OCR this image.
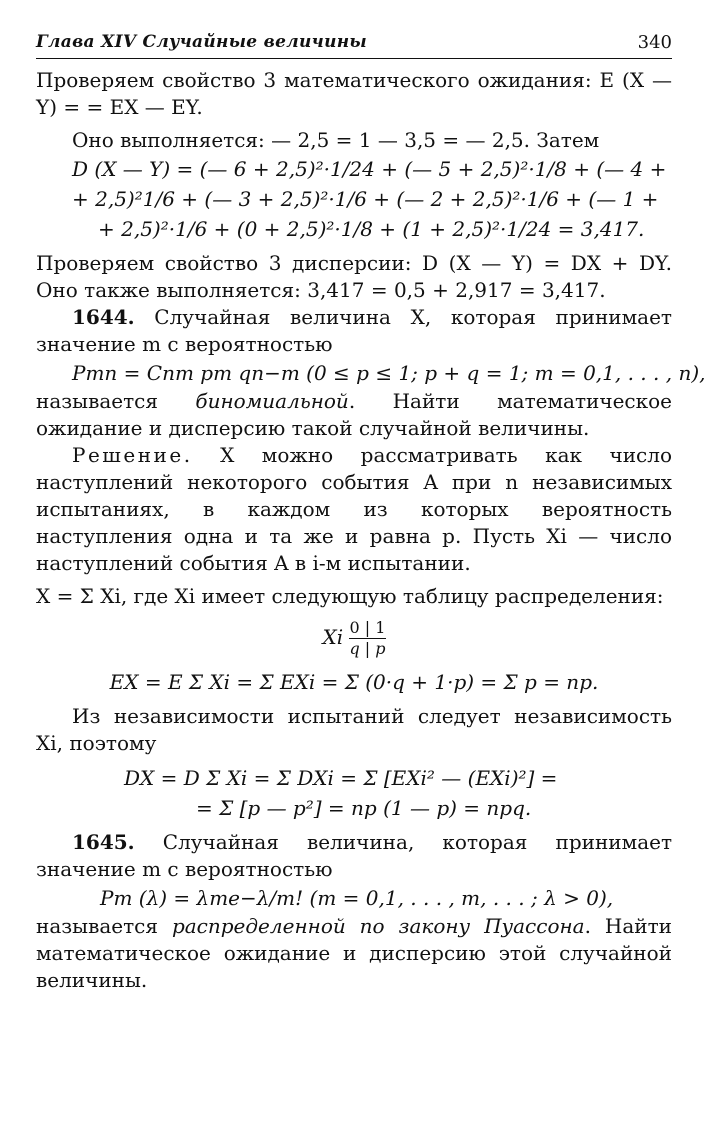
Глава XIV Случайные величины	340

Проверяем свойство 3 математического ожидания: E (X — Y) = = EX — EY.

Оно выполняется: — 2,5 = 1 — 3,5 = — 2,5. Затем

D (X — Y) = (— 6 + 2,5)²·1/24 + (— 5 + 2,5)²·1/8 + (— 4 +
+ 2,5)²1/6 + (— 3 + 2,5)²·1/6 + (— 2 + 2,5)²·1/6 + (— 1 +
+ 2,5)²·1/6 + (0 + 2,5)²·1/8 + (1 + 2,5)²·1/24 = 3,417.

Проверяем свойство 3 дисперсии: D (X — Y) = DX + DY. Оно также выполняется: 3,417 = 0,5 + 2,917 = 3,417.

1644. Случайная величина X, которая принимает значение m с вероятностью

Pmn = Cnm pm qn−m (0 ≤ p ≤ 1; p + q = 1; m = 0,1, . . . , n),

называется биномиальной. Найти математическое ожидание и дисперсию такой случайной величины.

Решение. X можно рассматривать как число наступлений некоторого события A при n независимых испытаниях, в каждом из которых вероятность наступления одна и та же и равна p. Пусть Xi — число наступлений события A в i-м испытании.

X = Σ Xi, где Xi имеет следующую таблицу распределения:

Xi $\frac{0 | 1}{q | p}$
EX = E Σ Xi = Σ EXi = Σ (0·q + 1·p) = Σ p = np.

Из независимости испытаний следует независимость Xi, поэтому

DX = D Σ Xi = Σ DXi = Σ [EXi² — (EXi)²] =
= Σ [p — p²] = np (1 — p) = npq.

1645. Случайная величина, которая принимает значение m с вероятностью

Pm (λ) = λme−λ/m! (m = 0,1, . . . , m, . . . ; λ > 0),

называется распределенной по закону Пуассона. Найти математическое ожидание и дисперсию этой случайной величины.
